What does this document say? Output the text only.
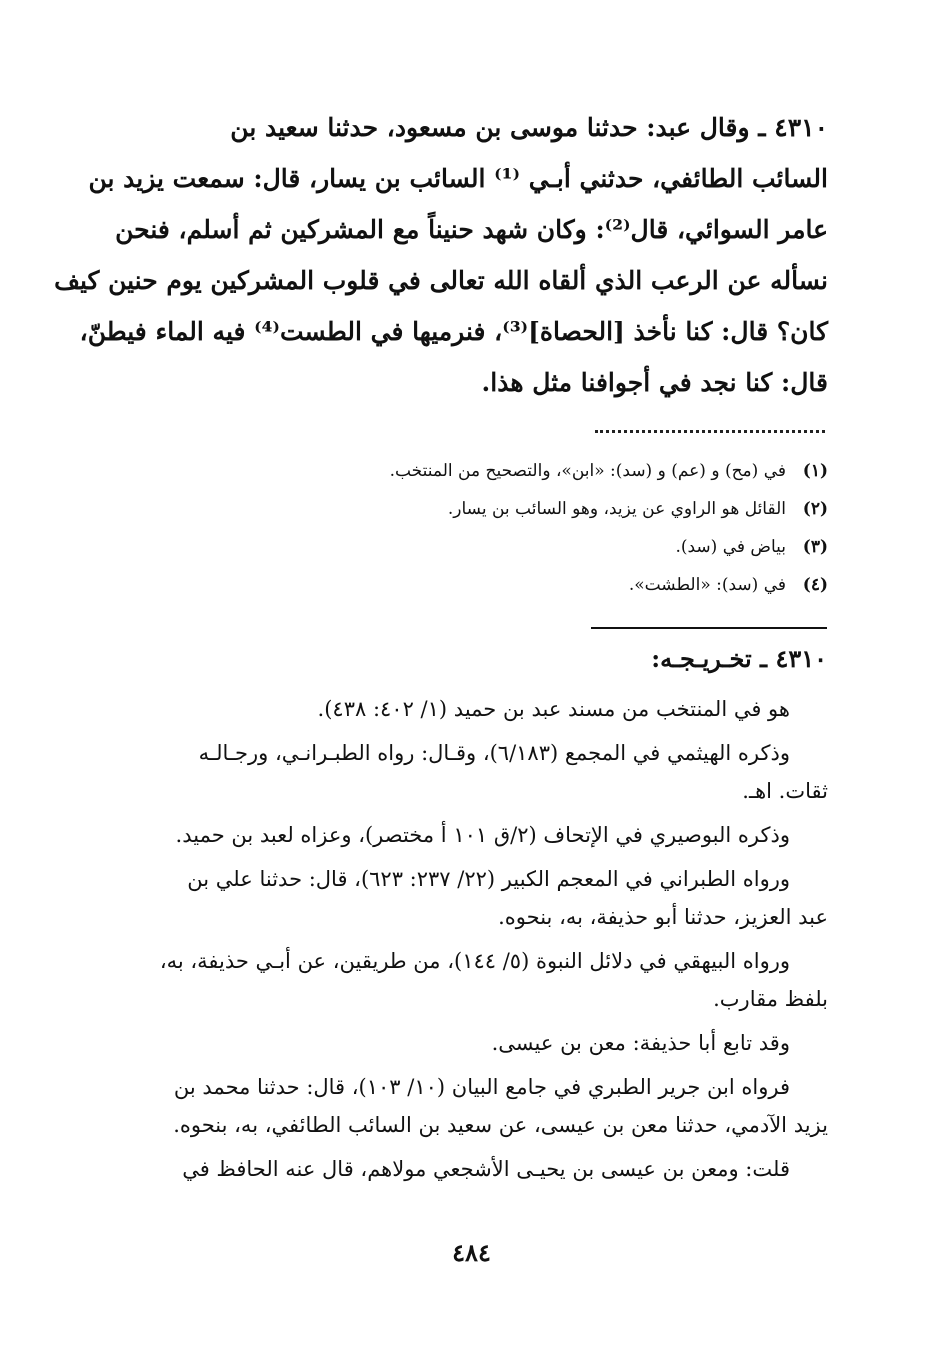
٤٣١٠ ـ وقال عبد: حدثنا موسى بن مسعود، حدثنا سعيد بن
السائب الطائفي، حدثني أبـي ⁽¹⁾ السائب بن يسار، قال: سمعت يزيد بن
عامر السوائي، قال⁽²⁾: وكان شهد حنيناً مع المشركين ثم أسلم، فنحن
نسأله عن الرعب الذي ألقاه الله تعالى في قلوب المشركين يوم حنين كيف
كان؟ قال: كنا نأخذ [الحصاة]⁽³⁾، فنرميها في الطست⁽⁴⁾ فيه الماء فيطنّ،
قال: كنا نجد في أجوافنا مثل هذا.
(١)في (مح) و (عم) و (سد): «ابن»، والتصحيح من المنتخب.
(٢)القائل هو الراوي عن يزيد، وهو السائب بن يسار.
(٣)بياض في (سد).
(٤)في (سد): «الطشت».
٤٣١٠ ـ تخـريـجـه:
هو في المنتخب من مسند عبد بن حميد (١/ ٤٠٢: ٤٣٨).
وذكره الهيثمي في المجمع (٦/١٨٣)، وقـال: رواه الطبـرانـي، ورجـالـه
ثقات. اهـ.
وذكره البوصيري في الإتحاف (٢/ق ١٠١ أ مختصر)، وعزاه لعبد بن حميد.
ورواه الطبراني في المعجم الكبير (٢٢/ ٢٣٧: ٦٢٣)، قال: حدثنا علي بن
عبد العزيز، حدثنا أبو حذيفة، به، بنحوه.
ورواه البيهقي في دلائل النبوة (٥/ ١٤٤)، من طريقين، عن أبـي حذيفة، به،
بلفظ مقارب.
وقد تابع أبا حذيفة: معن بن عيسى.
فرواه ابن جرير الطبري في جامع البيان (١٠/ ١٠٣)، قال: حدثنا محمد بن
يزيد الآدمي، حدثنا معن بن عيسى، عن سعيد بن السائب الطائفي، به، بنحوه.
قلت: ومعن بن عيسى بن يحيـى الأشجعي مولاهم، قال عنه الحافظ في
٤٨٤
